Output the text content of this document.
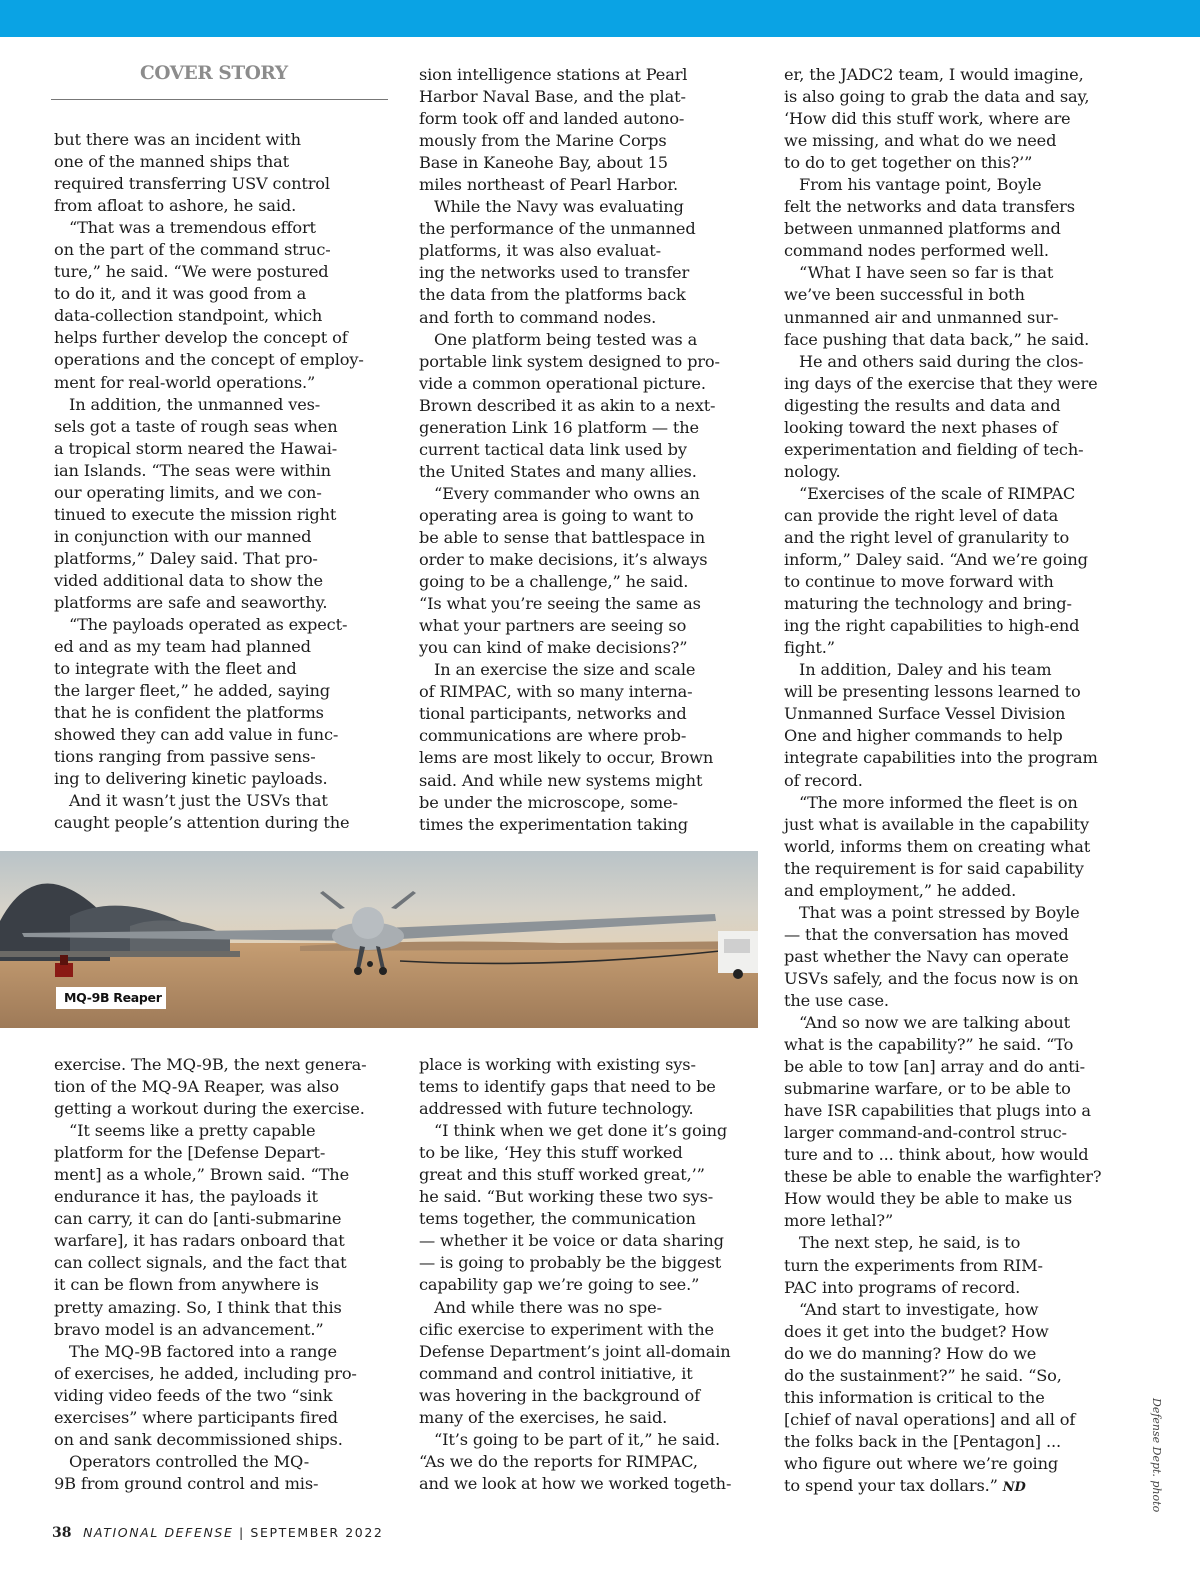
COVER STORY
but there was an incident with
one of the manned ships that
required transferring USV control
from afloat to ashore, he said.
“That was a tremendous effort
on the part of the command struc-
ture,” he said. “We were postured
to do it, and it was good from a
data-collection standpoint, which
helps further develop the concept of
operations and the concept of employ-
ment for real-world operations.”
In addition, the unmanned ves-
sels got a taste of rough seas when
a tropical storm neared the Hawai-
ian Islands. “The seas were within
our operating limits, and we con-
tinued to execute the mission right
in conjunction with our manned
platforms,” Daley said. That pro-
vided additional data to show the
platforms are safe and seaworthy.
“The payloads operated as expect-
ed and as my team had planned
to integrate with the fleet and
the larger fleet,” he added, saying
that he is confident the platforms
showed they can add value in func-
tions ranging from passive sens-
ing to delivering kinetic payloads.
And it wasn’t just the USVs that
caught people’s attention during the
sion intelligence stations at Pearl
Harbor Naval Base, and the plat-
form took off and landed autono-
mously from the Marine Corps
Base in Kaneohe Bay, about 15
miles northeast of Pearl Harbor.
While the Navy was evaluating
the performance of the unmanned
platforms, it was also evaluat-
ing the networks used to transfer
the data from the platforms back
and forth to command nodes.
One platform being tested was a
portable link system designed to pro-
vide a common operational picture.
Brown described it as akin to a next-
generation Link 16 platform — the
current tactical data link used by
the United States and many allies.
“Every commander who owns an
operating area is going to want to
be able to sense that battlespace in
order to make decisions, it’s always
going to be a challenge,” he said.
“Is what you’re seeing the same as
what your partners are seeing so
you can kind of make decisions?”
In an exercise the size and scale
of RIMPAC, with so many interna-
tional participants, networks and
communications are where prob-
lems are most likely to occur, Brown
said. And while new systems might
be under the microscope, some-
times the experimentation taking
er, the JADC2 team, I would imagine,
is also going to grab the data and say,
‘How did this stuff work, where are
we missing, and what do we need
to do to get together on this?’”
From his vantage point, Boyle
felt the networks and data transfers
between unmanned platforms and
command nodes performed well.
“What I have seen so far is that
we’ve been successful in both
unmanned air and unmanned sur-
face pushing that data back,” he said.
He and others said during the clos-
ing days of the exercise that they were
digesting the results and data and
looking toward the next phases of
experimentation and fielding of tech-
nology.
“Exercises of the scale of RIMPAC
can provide the right level of data
and the right level of granularity to
inform,” Daley said. “And we’re going
to continue to move forward with
maturing the technology and bring-
ing the right capabilities to high-end
fight.”
In addition, Daley and his team
will be presenting lessons learned to
Unmanned Surface Vessel Division
One and higher commands to help
integrate capabilities into the program
of record.
“The more informed the fleet is on
just what is available in the capability
world, informs them on creating what
the requirement is for said capability
and employment,” he added.
That was a point stressed by Boyle
— that the conversation has moved
past whether the Navy can operate
USVs safely, and the focus now is on
the use case.
“And so now we are talking about
what is the capability?” he said. “To
be able to tow [an] array and do anti-
submarine warfare, or to be able to
have ISR capabilities that plugs into a
larger command-and-control struc-
ture and to ... think about, how would
these be able to enable the warfighter?
How would they be able to make us
more lethal?”
The next step, he said, is to
turn the experiments from RIM-
PAC into programs of record.
“And start to investigate, how
does it get into the budget? How
do we do manning? How do we
do the sustainment?” he said. “So,
this information is critical to the
[chief of naval operations] and all of
the folks back in the [Pentagon] ...
who figure out where we’re going
to spend your tax dollars.” ND
MQ-9B Reaper
exercise. The MQ-9B, the next genera-
tion of the MQ-9A Reaper, was also
getting a workout during the exercise.
“It seems like a pretty capable
platform for the [Defense Depart-
ment] as a whole,” Brown said. “The
endurance it has, the payloads it
can carry, it can do [anti-submarine
warfare], it has radars onboard that
can collect signals, and the fact that
it can be flown from anywhere is
pretty amazing. So, I think that this
bravo model is an advancement.”
The MQ-9B factored into a range
of exercises, he added, including pro-
viding video feeds of the two “sink
exercises” where participants fired
on and sank decommissioned ships.
Operators controlled the MQ-
9B from ground control and mis-
place is working with existing sys-
tems to identify gaps that need to be
addressed with future technology.
“I think when we get done it’s going
to be like, ‘Hey this stuff worked
great and this stuff worked great,’”
he said. “But working these two sys-
tems together, the communication
— whether it be voice or data sharing
— is going to probably be the biggest
capability gap we’re going to see.”
And while there was no spe-
cific exercise to experiment with the
Defense Department’s joint all-domain
command and control initiative, it
was hovering in the background of
many of the exercises, he said.
“It’s going to be part of it,” he said.
“As we do the reports for RIMPAC,
and we look at how we worked togeth-	Defense Dept. photo
38 NATIONAL DEFENSE | SEPTEMBER 2022
